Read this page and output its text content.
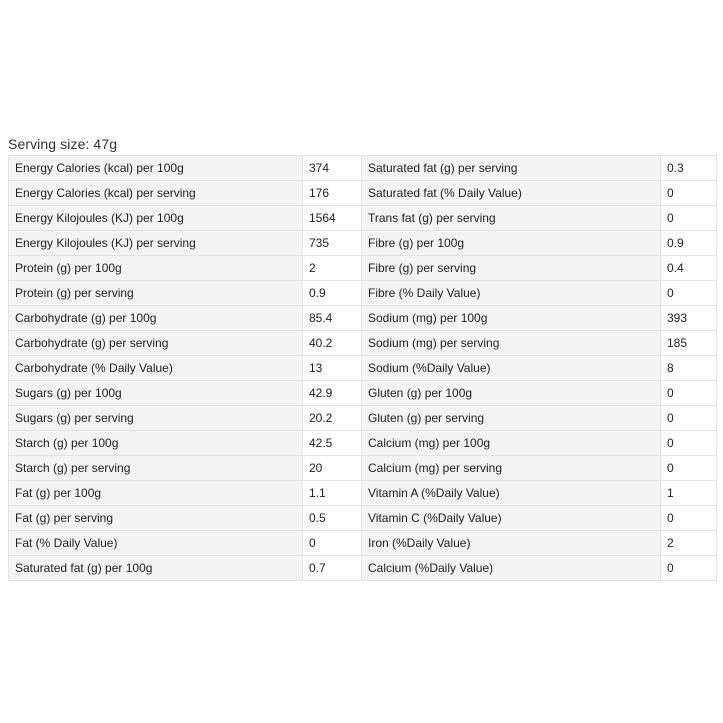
Serving size: 47g
Energy Calories (kcal) per 100g	374	Saturated fat (g) per serving	0.3
Energy Calories (kcal) per serving	176	Saturated fat (% Daily Value)	0
Energy Kilojoules (KJ) per 100g	1564	Trans fat (g) per serving	0
Energy Kilojoules (KJ) per serving	735	Fibre (g) per 100g	0.9
Protein (g) per 100g	2	Fibre (g) per serving	0.4
Protein (g) per serving	0.9	Fibre (% Daily Value)	0
Carbohydrate (g) per 100g	85.4	Sodium (mg) per 100g	393
Carbohydrate (g) per serving	40.2	Sodium (mg) per serving	185
Carbohydrate (% Daily Value)	13	Sodium (%Daily Value)	8
Sugars (g) per 100g	42.9	Gluten (g) per 100g	0
Sugars (g) per serving	20.2	Gluten (g) per serving	0
Starch (g) per 100g	42.5	Calcium (mg) per 100g	0
Starch (g) per serving	20	Calcium (mg) per serving	0
Fat (g) per 100g	1.1	Vitamin A (%Daily Value)	1
Fat (g) per serving	0.5	Vitamin C (%Daily Value)	0
Fat (% Daily Value)	0	Iron (%Daily Value)	2
Saturated fat (g) per 100g	0.7	Calcium (%Daily Value)	0
